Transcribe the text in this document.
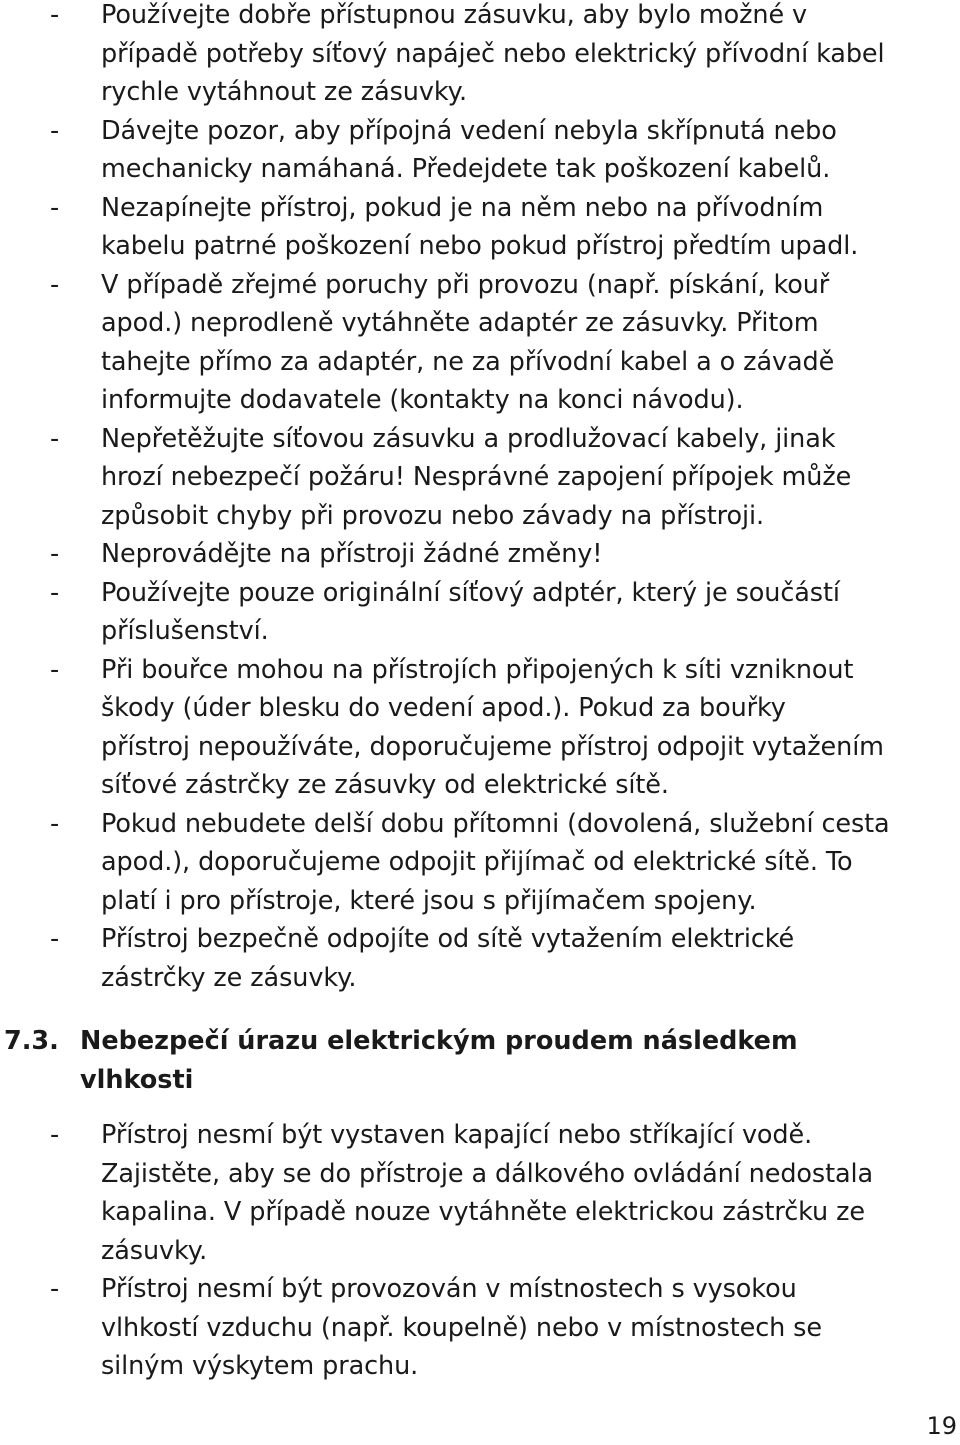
- Používejte dobře přístupnou zásuvku, aby bylo možné v
případě potřeby síťový napáječ nebo elektrický přívodní kabel
rychle vytáhnout ze zásuvky.
- Dávejte pozor, aby přípojná vedení nebyla skřípnutá nebo
mechanicky namáhaná. Předejdete tak poškození kabelů.
- Nezapínejte přístroj, pokud je na něm nebo na přívodním
kabelu patrné poškození nebo pokud přístroj předtím upadl.
- V případě zřejmé poruchy při provozu (např. pískání, kouř
apod.) neprodleně vytáhněte adaptér ze zásuvky. Přitom
tahejte přímo za adaptér, ne za přívodní kabel a o závadě
informujte dodavatele (kontakty na konci návodu).
- Nepřetěžujte síťovou zásuvku a prodlužovací kabely, jinak
hrozí nebezpečí požáru! Nesprávné zapojení přípojek může
způsobit chyby při provozu nebo závady na přístroji.
- Neprovádějte na přístroji žádné změny!
- Používejte pouze originální síťový adptér, který je součástí
příslušenství.
- Při bouřce mohou na přístrojích připojených k síti vzniknout
škody (úder blesku do vedení apod.). Pokud za bouřky
přístroj nepoužíváte, doporučujeme přístroj odpojit vytažením
síťové zástrčky ze zásuvky od elektrické sítě.
- Pokud nebudete delší dobu přítomni (dovolená, služební cesta
apod.), doporučujeme odpojit přijímač od elektrické sítě. To
platí i pro přístroje, které jsou s přijímačem spojeny.
- Přístroj bezpečně odpojíte od sítě vytažením elektrické
zástrčky ze zásuvky.
7.3. Nebezpečí úrazu elektrickým proudem následkem
vlhkosti
- Přístroj nesmí být vystaven kapající nebo stříkající vodě.
Zajistěte, aby se do přístroje a dálkového ovládání nedostala
kapalina. V případě nouze vytáhněte elektrickou zástrčku ze
zásuvky.
- Přístroj nesmí být provozován v místnostech s vysokou
vlhkostí vzduchu (např. koupelně) nebo v místnostech se
silným výskytem prachu.
19
